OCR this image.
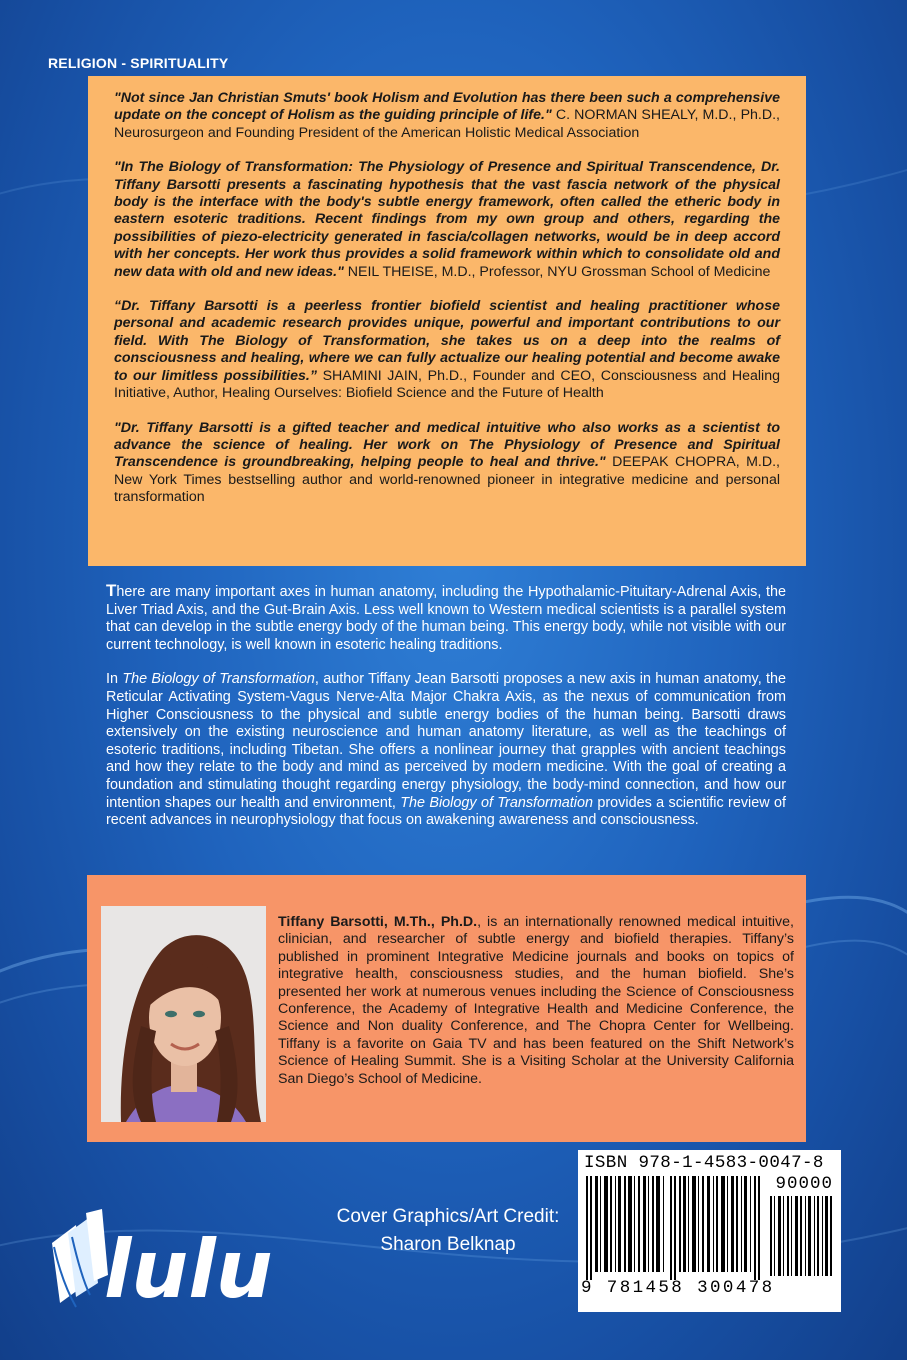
RELIGION - SPIRITUALITY

"Not since Jan Christian Smuts' book Holism and Evolution has there been such a comprehensive update on the concept of Holism as the guiding principle of life." C. NORMAN SHEALY, M.D., Ph.D., Neurosurgeon and Founding President of the American Holistic Medical Association

"In The Biology of Transformation: The Physiology of Presence and Spiritual Transcendence, Dr. Tiffany Barsotti presents a fascinating hypothesis that the vast fascia network of the physical body is the interface with the body's subtle energy framework, often called the etheric body in eastern esoteric traditions. Recent findings from my own group and others, regarding the possibilities of piezo-electricity generated in fascia/collagen networks, would be in deep accord with her concepts. Her work thus provides a solid framework within which to consolidate old and new data with old and new ideas." NEIL THEISE, M.D., Professor, NYU Grossman School of Medicine

“Dr. Tiffany Barsotti is a peerless frontier biofield scientist and healing practitioner whose personal and academic research provides unique, powerful and important contributions to our field. With The Biology of Transformation, she takes us on a deep into the realms of consciousness and healing, where we can fully actualize our healing potential and become awake to our limitless possibilities.” SHAMINI JAIN, Ph.D., Founder and CEO, Consciousness and Healing Initiative, Author, Healing Ourselves: Biofield Science and the Future of Health

"Dr. Tiffany Barsotti is a gifted teacher and medical intuitive who also works as a scientist to advance the science of healing. Her work on The Physiology of Presence and Spiritual Transcendence is groundbreaking, helping people to heal and thrive." DEEPAK CHOPRA, M.D., New York Times bestselling author and world-renowned pioneer in integrative medicine and personal transformation

There are many important axes in human anatomy, including the Hypothalamic-Pituitary-Adrenal Axis, the Liver Triad Axis, and the Gut-Brain Axis. Less well known to Western medical scientists is a parallel system that can develop in the subtle energy body of the human being. This energy body, while not visible with our current technology, is well known in esoteric healing traditions.

In The Biology of Transformation, author Tiffany Jean Barsotti proposes a new axis in human anatomy, the Reticular Activating System-Vagus Nerve-Alta Major Chakra Axis, as the nexus of communication from Higher Consciousness to the physical and subtle energy bodies of the human being. Barsotti draws extensively on the existing neuroscience and human anatomy literature, as well as the teachings of esoteric traditions, including Tibetan. She offers a nonlinear journey that grapples with ancient teachings and how they relate to the body and mind as perceived by modern medicine. With the goal of creating a foundation and stimulating thought regarding energy physiology, the body-mind connection, and how our intention shapes our health and environment, The Biology of Transformation provides a scientific review of recent advances in neurophysiology that focus on awakening awareness and consciousness.

Tiffany Barsotti, M.Th., Ph.D., is an internationally renowned medical intuitive, clinician, and researcher of subtle energy and biofield therapies. Tiffany’s published in prominent Integrative Medicine journals and books on topics of integrative health, consciousness studies, and the human biofield. She’s presented her work at numerous venues including the Science of Consciousness Conference, the Academy of Integrative Health and Medicine Conference, the Science and Non duality Conference, and The Chopra Center for Wellbeing. Tiffany is a favorite on Gaia TV and has been featured on the Shift Network’s Science of Healing Summit. She is a Visiting Scholar at the University California San Diego’s School of Medicine.

ISBN 978-1-4583-0047-8
90000
9 781458 300478
Cover Graphics/Art Credit:
Sharon Belknap
lulu
